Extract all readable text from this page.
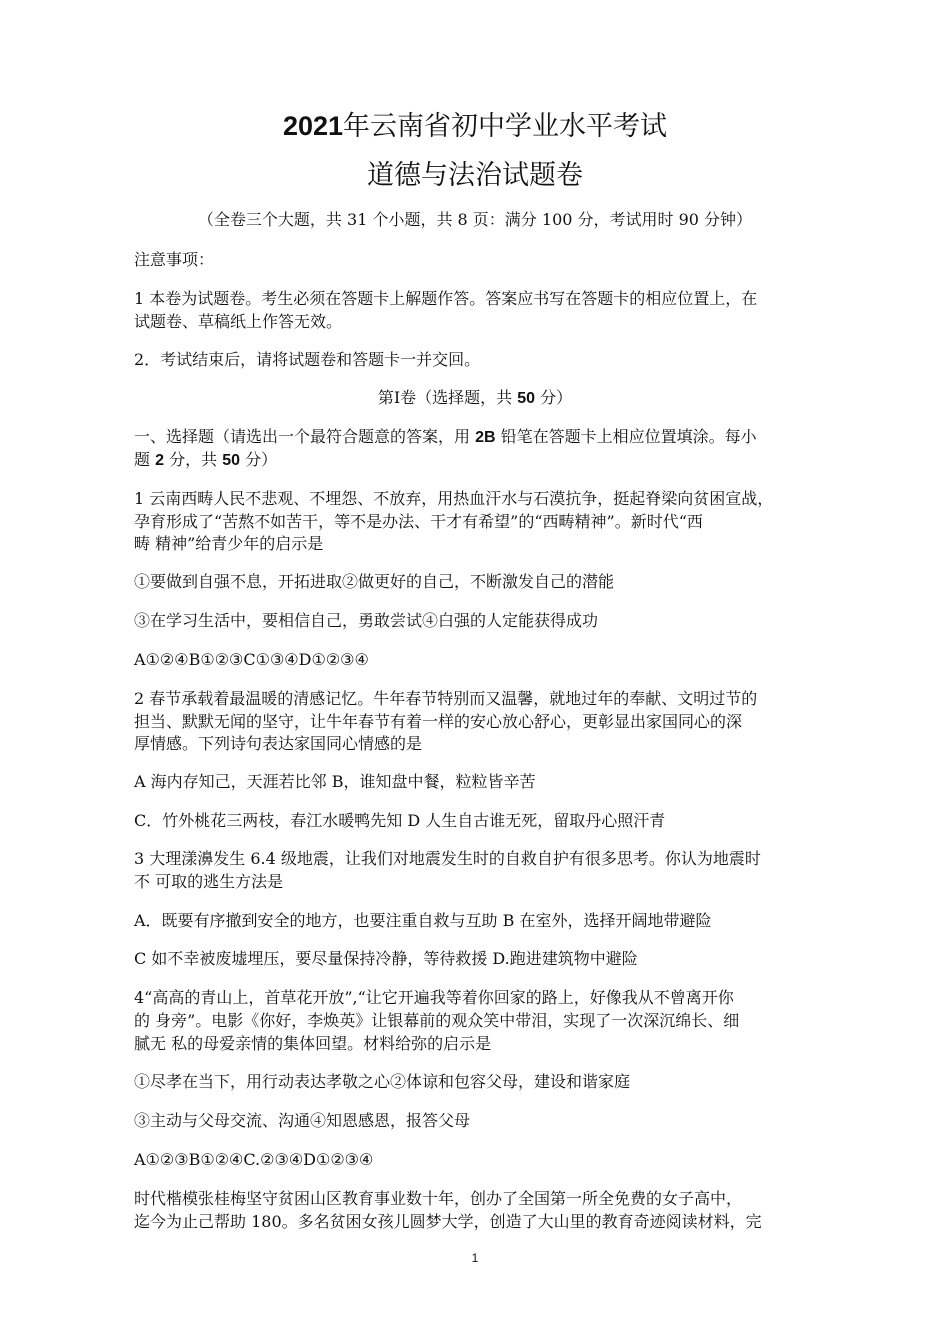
2021年云南省初中学业水平考试
道德与法治试题卷
（全卷三个大题，共 31 个小题，共 8 页：满分 100 分，考试用时 90 分钟）
注意事项：
1 本卷为试题卷。考生必须在答题卡上解题作答。答案应书写在答题卡的相应位置上，在
试题卷、草稿纸上作答无效。
2．考试结束后，请将试题卷和答题卡一并交回。
第Ⅰ卷（选择题，共 50 分）
一、选择题（请选出一个最符合题意的答案，用 2B 铅笔在答题卡上相应位置填涂。每小
题 2 分，共 50 分）
1 云南西畴人民不悲观、不埋怨、不放弃，用热血汗水与石漠抗争，挺起脊梁向贫困宣战，
孕育形成了“苦熬不如苦干，等不是办法、干才有希望”的“西畴精神”。新时代“西
畴 精神”给青少年的启示是
①要做到自强不息，开拓进取②做更好的自己，不断激发自己的潜能
③在学习生活中，要相信自己，勇敢尝试④白强的人定能获得成功
A①②④B①②③C①③④D①②③④
2 春节承载着最温暖的清感记忆。牛年春节特别而又温馨，就地过年的奉献、文明过节的
担当、默默无闻的坚守，让牛年春节有着一样的安心放心舒心，更彰显出家国同心的深
厚情感。下列诗句表达家国同心情感的是
A 海内存知己，天涯若比邻 B，谁知盘中餐，粒粒皆辛苦
C．竹外桃花三两枝，春江水暖鸭先知 D 人生自古谁无死，留取丹心照汗青
3 大理漾濞发生 6.4 级地震，让我们对地震发生时的自救自护有很多思考。你认为地震时
不 可取的逃生方法是
A．既要有序撤到安全的地方，也要注重自救与互助 B 在室外，选择开阔地带避险
C 如不幸被废墟埋压，要尽量保持冷静，等待救援 D.跑进建筑物中避险
4“高高的青山上，首草花开放”,“让它开遍我等着你回家的路上，好像我从不曾离开你
的 身旁”。电影《你好，李焕英》让银幕前的观众笑中带泪，实现了一次深沉绵长、细
腻无 私的母爱亲情的集体回望。材料给弥的启示是
①尽孝在当下，用行动表达孝敬之心②体谅和包容父母，建设和谐家庭
③主动与父母交流、沟通④知恩感恩，报答父母
A①②③B①②④C.②③④D①②③④
时代楷模张桂梅坚守贫困山区教育事业数十年，创办了全国第一所全免费的女子高中，
迄今为止己帮助 180。多名贫困女孩儿圆梦大学，创造了大山里的教育奇迹阅读材料，完
1
